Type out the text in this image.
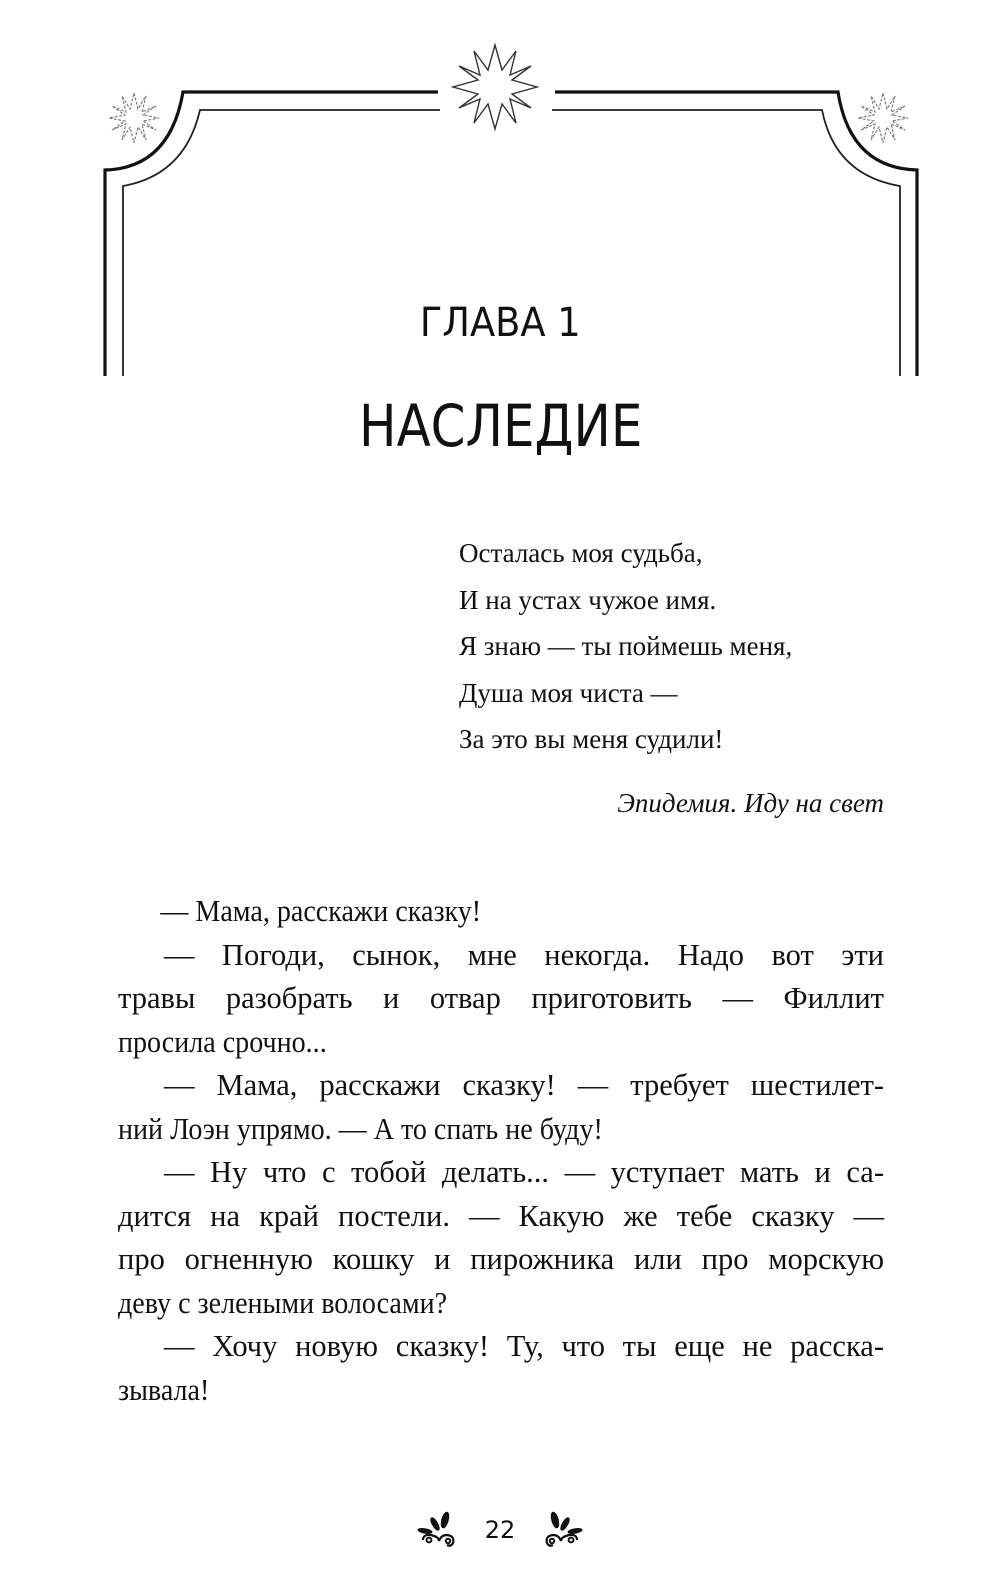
ГЛАВА 1
НАСЛЕДИЕ
Осталась моя судьба,
И на устах чужое имя.
Я знаю — ты поймешь меня,
Душа моя чиста —
За это вы меня судили!
Эпидемия. Иду на свет
— Мама, расскажи сказку!
— Погоди, сынок, мне некогда. Надо вот эти
травы разобрать и отвар приготовить — Филлит
просила срочно...
— Мама, расскажи сказку! — требует шестилет-
ний Лоэн упрямо. — А то спать не буду!
— Ну что с тобой делать... — уступает мать и са-
дится на край постели. — Какую же тебе сказку —
про огненную кошку и пирожника или про морскую
деву с зелеными волосами?
— Хочу новую сказку! Ту, что ты еще не расска-
зывала!
22
